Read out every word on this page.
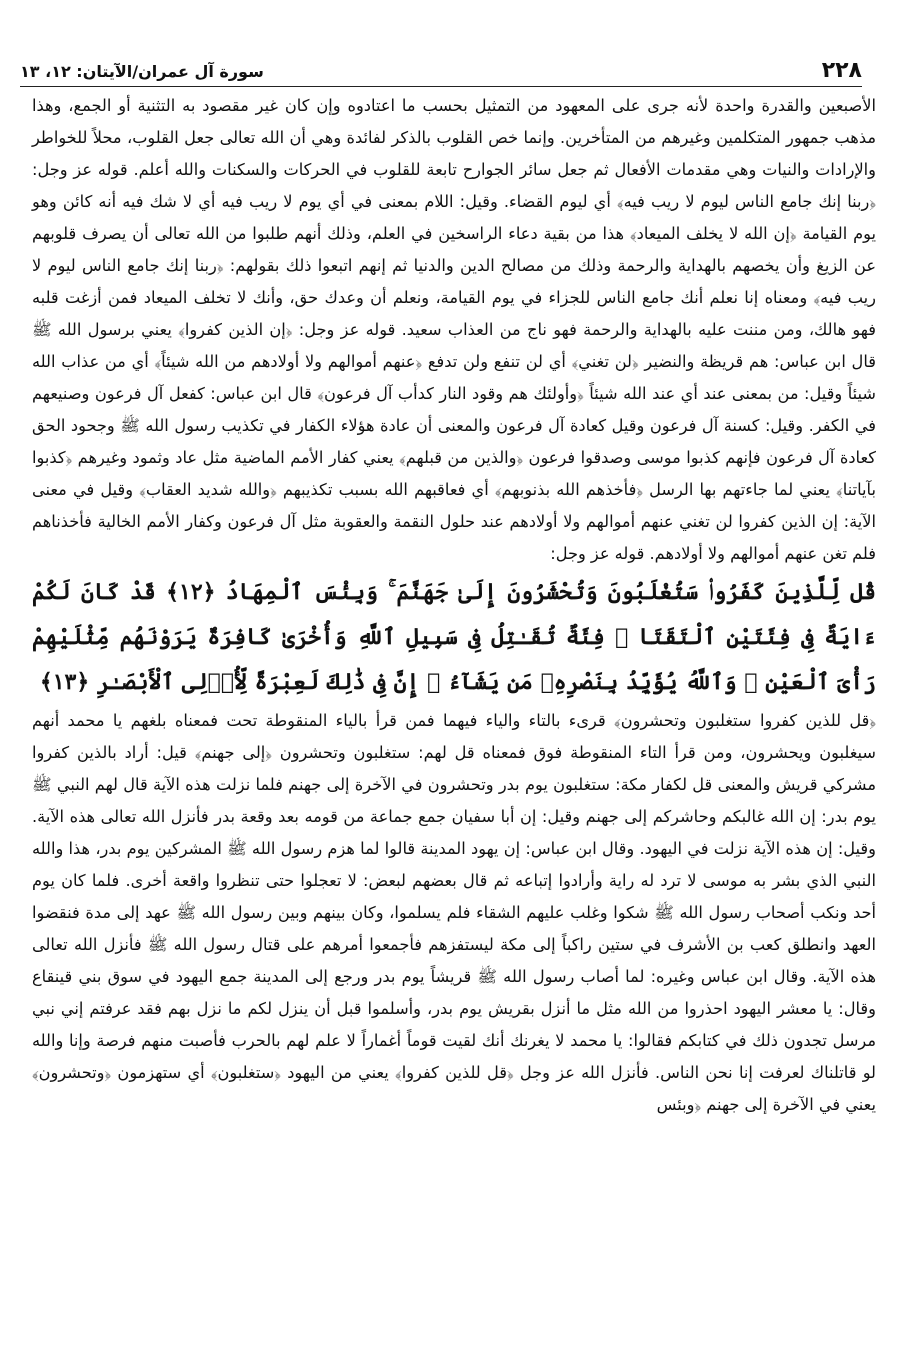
٢٢٨
سورة آل عمران/الآيتان: ١٢، ١٣

الأصبعين والقدرة واحدة لأنه جرى على المعهود من التمثيل بحسب ما اعتادوه وإن كان غير مقصود به التثنية أو الجمع، وهذا مذهب جمهور المتكلمين وغيرهم من المتأخرين. وإنما خص القلوب بالذكر لفائدة وهي أن الله تعالى جعل القلوب، محلاً للخواطر والإرادات والنيات وهي مقدمات الأفعال ثم جعل سائر الجوارح تابعة للقلوب في الحركات والسكنات والله أعلم. قوله عز وجل: ﴿ربنا إنك جامع الناس ليوم لا ريب فيه﴾ أي ليوم القضاء. وقيل: اللام بمعنى في أي يوم لا ريب فيه أي لا شك فيه أنه كائن وهو يوم القيامة ﴿إن الله لا يخلف الميعاد﴾ هذا من بقية دعاء الراسخين في العلم، وذلك أنهم طلبوا من الله تعالى أن يصرف قلوبهم عن الزيغ وأن يخصهم بالهداية والرحمة وذلك من مصالح الدين والدنيا ثم إنهم اتبعوا ذلك بقولهم: ﴿ربنا إنك جامع الناس ليوم لا ريب فيه﴾ ومعناه إنا نعلم أنك جامع الناس للجزاء في يوم القيامة، ونعلم أن وعدك حق، وأنك لا تخلف الميعاد فمن أزغت قلبه فهو هالك، ومن مننت عليه بالهداية والرحمة فهو ناج من العذاب سعيد. قوله عز وجل: ﴿إن الذين كفروا﴾ يعني برسول الله ﷺ قال ابن عباس: هم قريظة والنضير ﴿لن تغني﴾ أي لن تنفع ولن تدفع ﴿عنهم أموالهم ولا أولادهم من الله شيئاً﴾ أي من عذاب الله شيئاً وقيل: من بمعنى عند أي عند الله شيئاً ﴿وأولئك هم وقود النار كدأب آل فرعون﴾ قال ابن عباس: كفعل آل فرعون وصنيعهم في الكفر. وقيل: كسنة آل فرعون وقيل كعادة آل فرعون والمعنى أن عادة هؤلاء الكفار في تكذيب رسول الله ﷺ وجحود الحق كعادة آل فرعون فإنهم كذبوا موسى وصدقوا فرعون ﴿والذين من قبلهم﴾ يعني كفار الأمم الماضية مثل عاد وثمود وغيرهم ﴿كذبوا بآياتنا﴾ يعني لما جاءتهم بها الرسل ﴿فأخذهم الله بذنوبهم﴾ أي فعاقبهم الله بسبب تكذيبهم ﴿والله شديد العقاب﴾ وقيل في معنى الآية: إن الذين كفروا لن تغني عنهم أموالهم ولا أولادهم عند حلول النقمة والعقوبة مثل آل فرعون وكفار الأمم الخالية فأخذناهم فلم تغن عنهم أموالهم ولا أولادهم. قوله عز وجل:

قُل لِّلَّذِينَ كَفَرُوا۟ سَتُغْلَبُونَ وَتُحْشَرُونَ إِلَىٰ جَهَنَّمَ ۚ وَبِئْسَ ٱلْمِهَادُ ﴿١٢﴾ قَدْ كَانَ لَكُمْ ءَايَةٌ فِى فِئَتَيْنِ ٱلْتَقَتَا ۖ فِئَةٌ تُقَـٰتِلُ فِى سَبِيلِ ٱللَّهِ وَأُخْرَىٰ كَافِرَةٌ يَرَوْنَهُم مِّثْلَيْهِمْ رَأْىَ ٱلْعَيْنِ ۚ وَٱللَّهُ يُؤَيِّدُ بِنَصْرِهِۦ مَن يَشَآءُ ۗ إِنَّ فِى ذَٰلِكَ لَعِبْرَةً لِّأُو۟لِى ٱلْأَبْصَـٰرِ ﴿١٣﴾

﴿قل للذين كفروا ستغلبون وتحشرون﴾ قرىء بالتاء والياء فيهما فمن قرأ بالياء المنقوطة تحت فمعناه بلغهم يا محمد أنهم سيغلبون ويحشرون، ومن قرأ التاء المنقوطة فوق فمعناه قل لهم: ستغلبون وتحشرون ﴿إلى جهنم﴾ قيل: أراد بالذين كفروا مشركي قريش والمعنى قل لكفار مكة: ستغلبون يوم بدر وتحشرون في الآخرة إلى جهنم فلما نزلت هذه الآية قال لهم النبي ﷺ يوم بدر: إن الله غالبكم وحاشركم إلى جهنم وقيل: إن أبا سفيان جمع جماعة من قومه بعد وقعة بدر فأنزل الله تعالى هذه الآية. وقيل: إن هذه الآية نزلت في اليهود. وقال ابن عباس: إن يهود المدينة قالوا لما هزم رسول الله ﷺ المشركين يوم بدر، هذا والله النبي الذي بشر به موسى لا ترد له راية وأرادوا إتباعه ثم قال بعضهم لبعض: لا تعجلوا حتى تنظروا واقعة أخرى. فلما كان يوم أحد ونكب أصحاب رسول الله ﷺ شكوا وغلب عليهم الشقاء فلم يسلموا، وكان بينهم وبين رسول الله ﷺ عهد إلى مدة فنقضوا العهد وانطلق كعب بن الأشرف في ستين راكباً إلى مكة ليستفزهم فأجمعوا أمرهم على قتال رسول الله ﷺ فأنزل الله تعالى هذه الآية. وقال ابن عباس وغيره: لما أصاب رسول الله ﷺ قريشاً يوم بدر ورجع إلى المدينة جمع اليهود في سوق بني قينقاع وقال: يا معشر اليهود احذروا من الله مثل ما أنزل بقريش يوم بدر، وأسلموا قبل أن ينزل لكم ما نزل بهم فقد عرفتم إني نبي مرسل تجدون ذلك في كتابكم فقالوا: يا محمد لا يغرنك أنك لقيت قوماً أغماراً لا علم لهم بالحرب فأصبت منهم فرصة وإنا والله لو قاتلناك لعرفت إنا نحن الناس. فأنزل الله عز وجل ﴿قل للذين كفروا﴾ يعني من اليهود ﴿ستغلبون﴾ أي ستهزمون ﴿وتحشرون﴾ يعني في الآخرة إلى جهنم ﴿وبئس
